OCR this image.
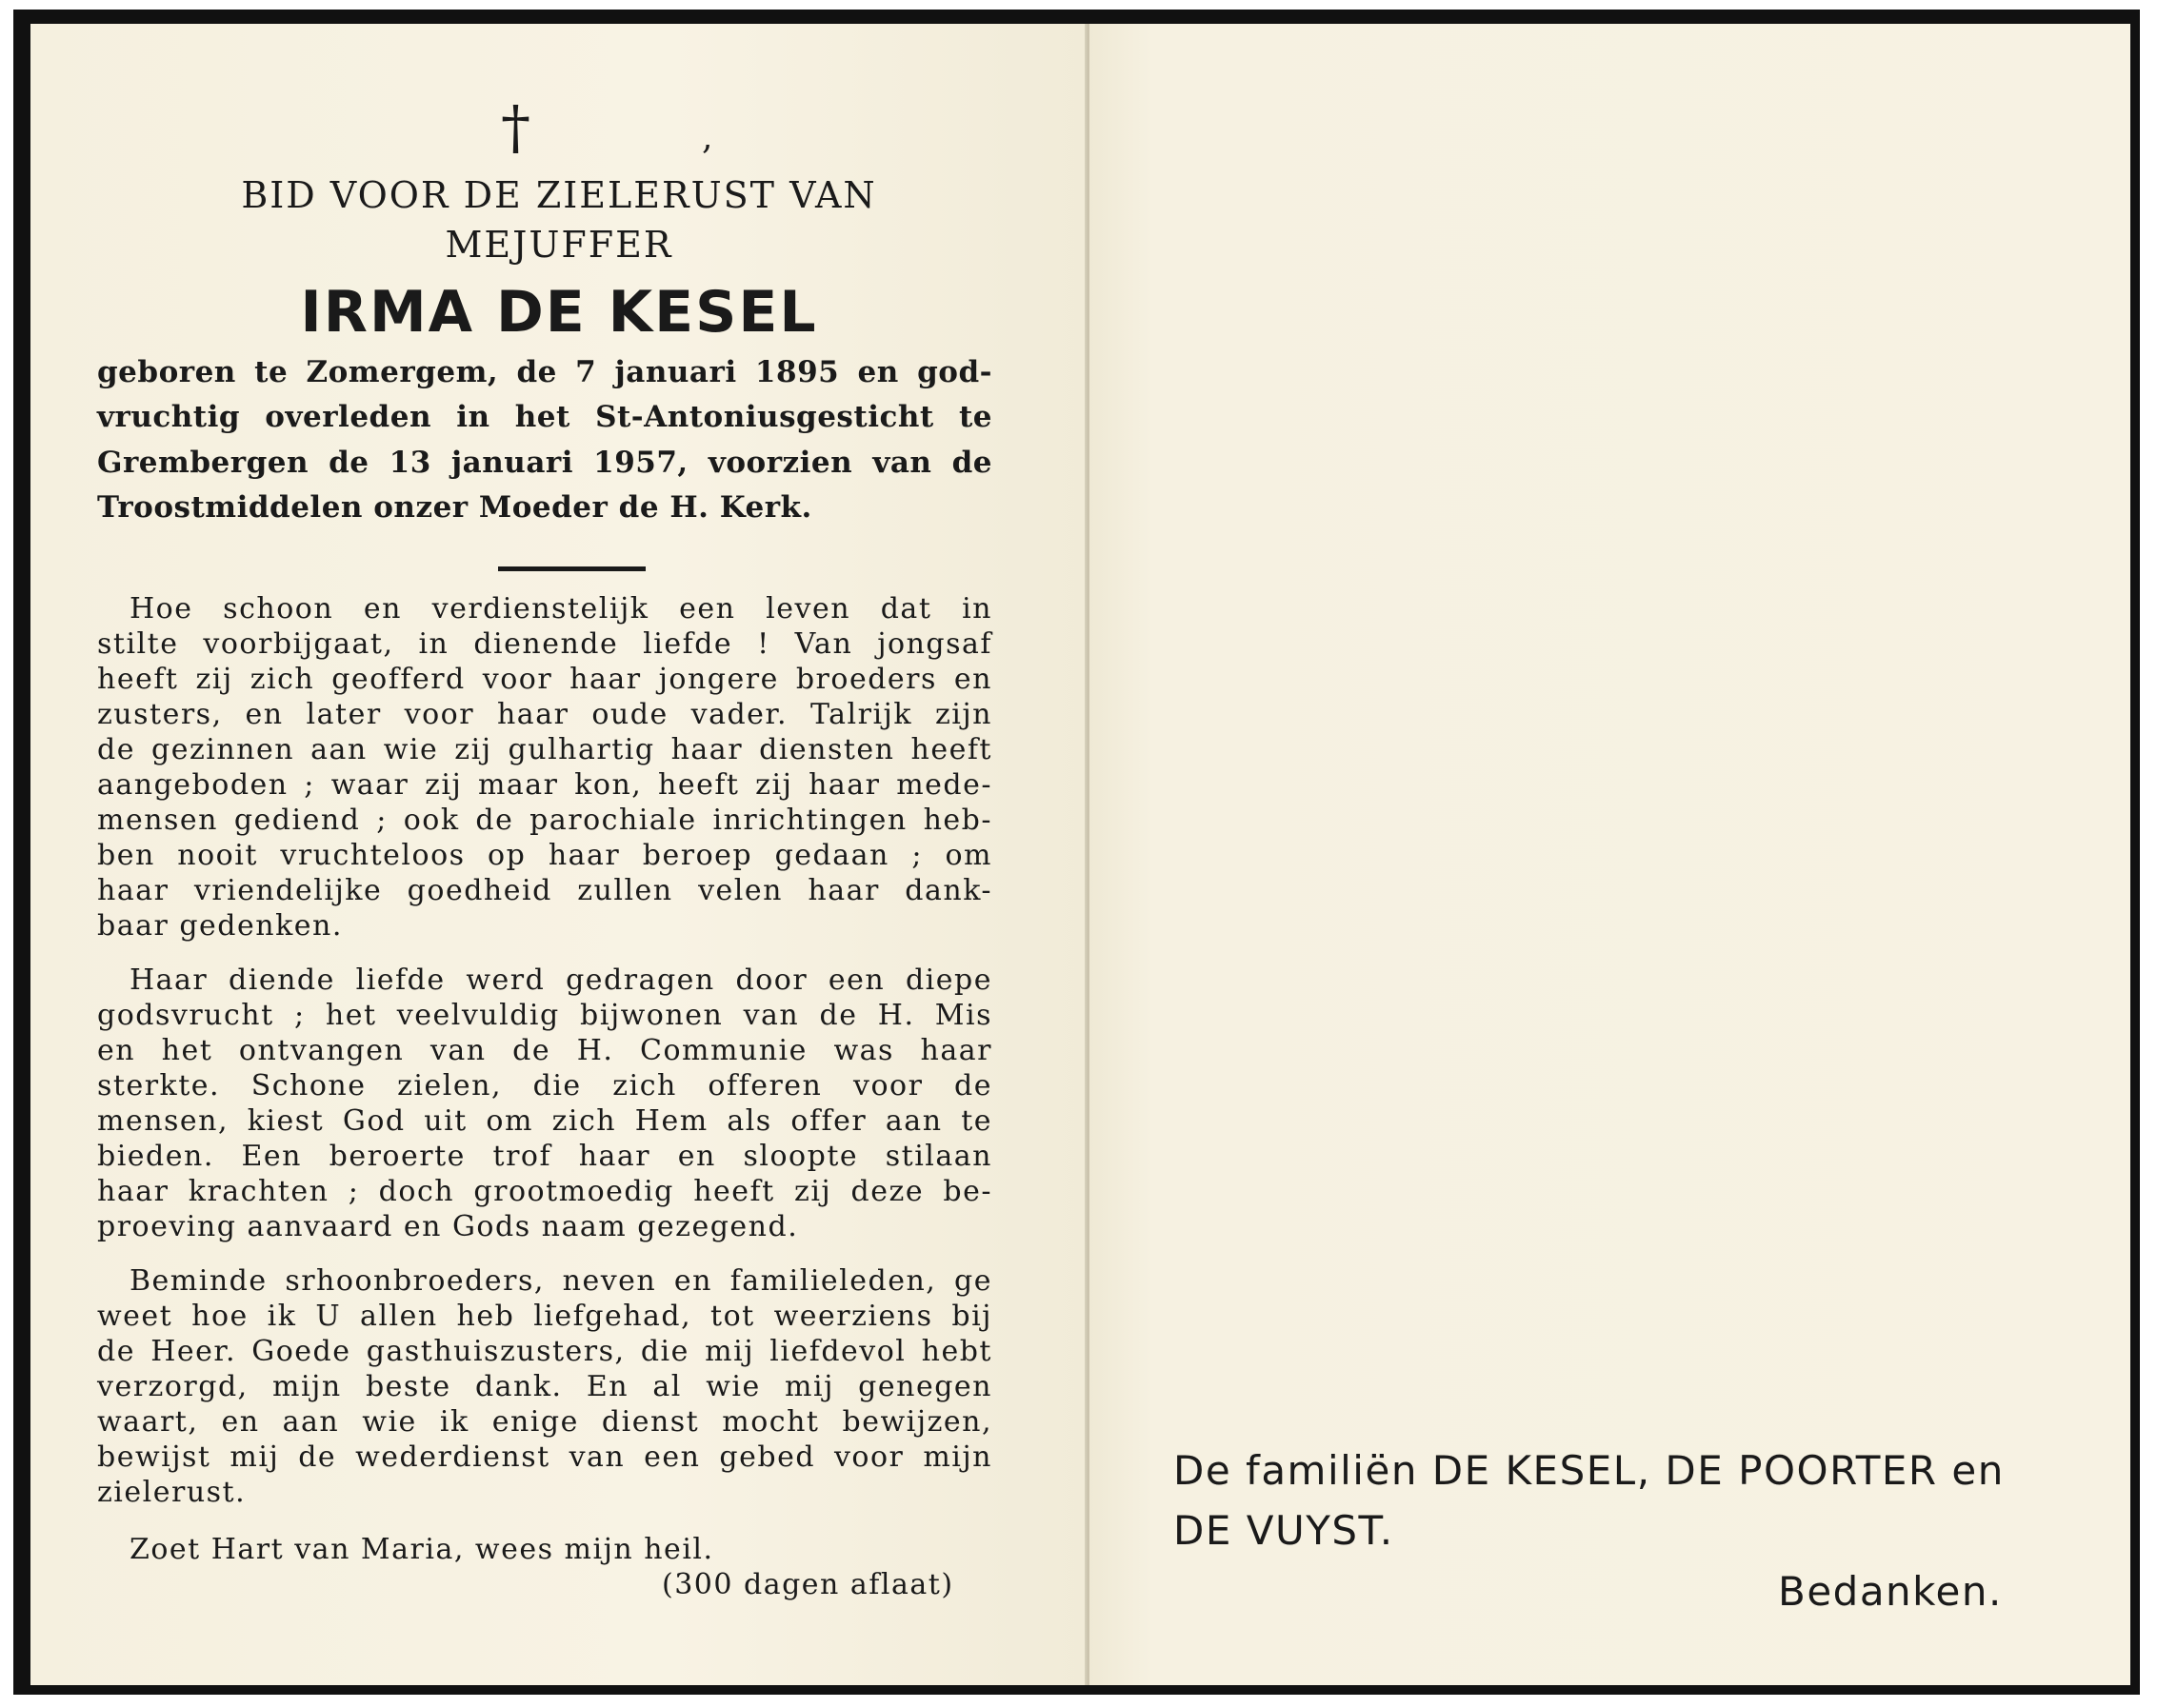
†	,
BID VOOR DE ZIELERUST VAN
MEJUFFER
IRMA DE KESEL
geboren te Zomergem, de 7 januari 1895 en god-
vruchtig overleden in het St-Antoniusgesticht te
Grembergen de 13 januari 1957, voorzien van de
Troostmiddelen onzer Moeder de H. Kerk.
Hoe schoon en verdienstelijk een leven dat in
stilte voorbijgaat, in dienende liefde ! Van jongsaf
heeft zij zich geofferd voor haar jongere broeders en
zusters, en later voor haar oude vader. Talrijk zijn
de gezinnen aan wie zij gulhartig haar diensten heeft
aangeboden ; waar zij maar kon, heeft zij haar mede-
mensen gediend ; ook de parochiale inrichtingen heb-
ben nooit vruchteloos op haar beroep gedaan ; om
haar vriendelijke goedheid zullen velen haar dank-
baar gedenken.
Haar diende liefde werd gedragen door een diepe
godsvrucht ; het veelvuldig bijwonen van de H. Mis
en het ontvangen van de H. Communie was haar
sterkte. Schone zielen, die zich offeren voor de
mensen, kiest God uit om zich Hem als offer aan te
bieden. Een beroerte trof haar en sloopte stilaan
haar krachten ; doch grootmoedig heeft zij deze be-
proeving aanvaard en Gods naam gezegend.
Beminde srhoonbroeders, neven en familieleden, ge
weet hoe ik U allen heb liefgehad, tot weerziens bij
de Heer. Goede gasthuiszusters, die mij liefdevol hebt
verzorgd, mijn beste dank. En al wie mij genegen
waart, en aan wie ik enige dienst mocht bewijzen,
bewijst mij de wederdienst van een gebed voor mijn
zielerust.
Zoet Hart van Maria, wees mijn heil.
(300 dagen aflaat)
De familiën DE KESEL, DE POORTER en
DE VUYST.
Bedanken.
